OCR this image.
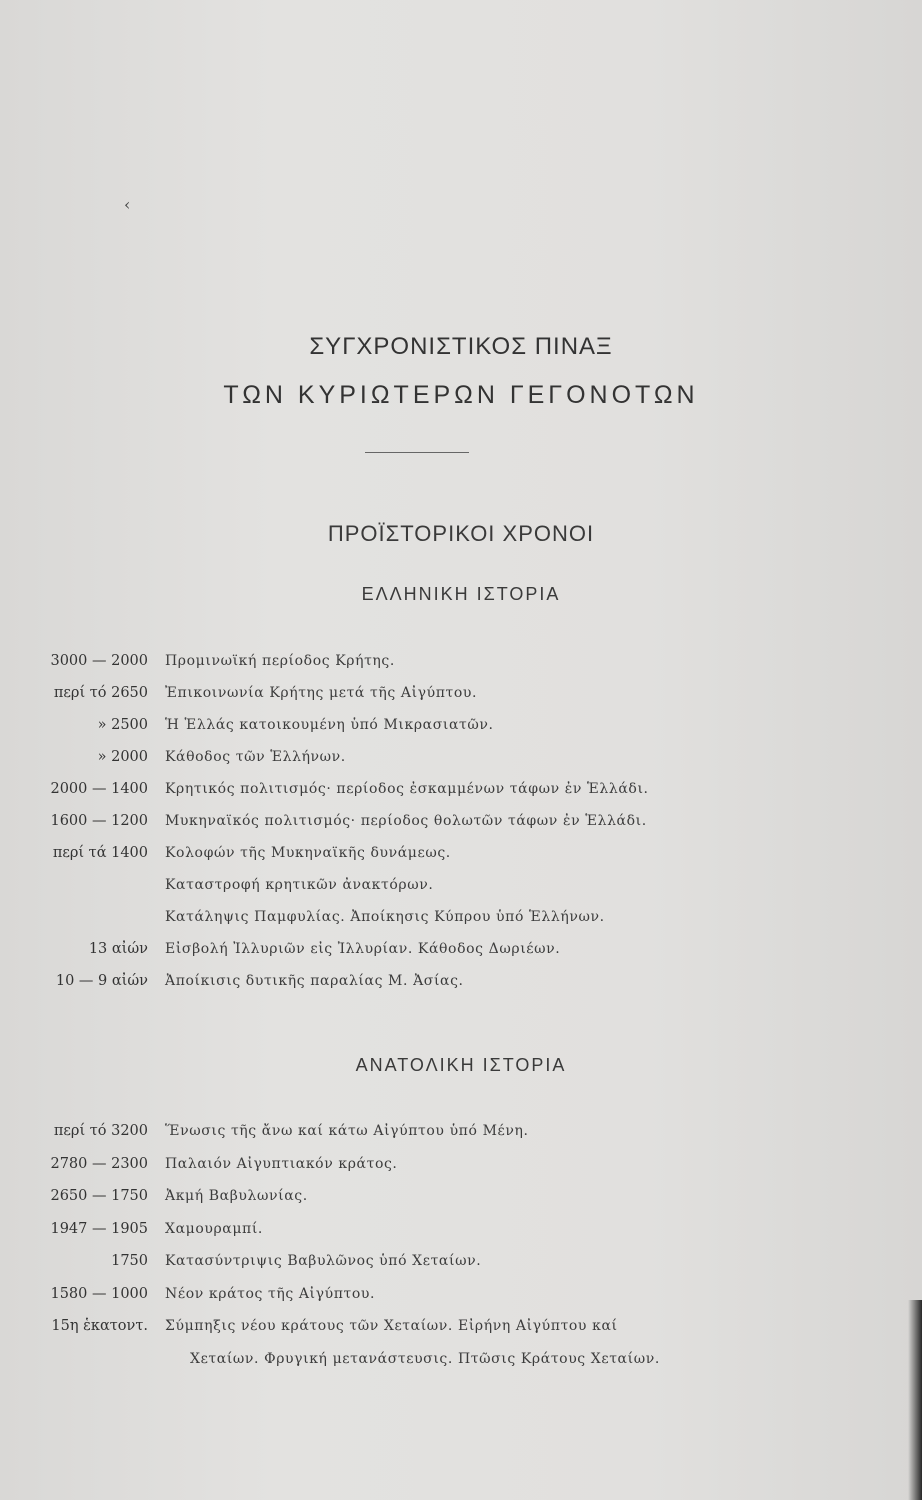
‹
ΣΥΓΧΡΟΝΙΣΤΙΚΟΣ ΠΙΝΑΞ
ΤΩΝ ΚΥΡΙΩΤΕΡΩΝ ΓΕΓΟΝΟΤΩΝ
ΠΡΟΪΣΤΟΡΙΚΟΙ ΧΡΟΝΟΙ
ΕΛΛΗΝΙΚΗ ΙΣΤΟΡΙΑ
3000 — 2000 Προμινωϊκή περίοδος Κρήτης.
περί τό 2650 Ἐπικοινωνία Κρήτης μετά τῆς Αἰγύπτου.
» 2500 Ἡ Ἑλλάς κατοικουμένη ὑπό Μικρασιατῶν.
» 2000 Κάθοδος τῶν Ἑλλήνων.
2000 — 1400 Κρητικός πολιτισμός· περίοδος ἐσκαμμένων τάφων ἐν Ἑλλάδι.
1600 — 1200 Μυκηναϊκός πολιτισμός· περίοδος θολωτῶν τάφων ἐν Ἑλλάδι.
περί τά 1400 Κολοφών τῆς Μυκηναϊκῆς δυνάμεως.
Καταστροφή κρητικῶν ἀνακτόρων.
Κατάληψις Παμφυλίας. Ἀποίκησις Κύπρου ὑπό Ἑλλήνων.
13 αἰών Εἰσβολή Ἰλλυριῶν εἰς Ἰλλυρίαν. Κάθοδος Δωριέων.
10 — 9 αἰών Ἀποίκισις δυτικῆς παραλίας Μ. Ἀσίας.
ΑΝΑΤΟΛΙΚΗ ΙΣΤΟΡΙΑ
περί τό 3200 Ἕνωσις τῆς ἄνω καί κάτω Αἰγύπτου ὑπό Μένη.
2780 — 2300 Παλαιόν Αἰγυπτιακόν κράτος.
2650 — 1750 Ἀκμή Βαβυλωνίας.
1947 — 1905 Χαμουραμπί.
1750 Κατασύντριψις Βαβυλῶνος ὑπό Χεταίων.
1580 — 1000 Νέον κράτος τῆς Αἰγύπτου.
15η ἑκατοντ. Σύμπηξις νέου κράτους τῶν Χεταίων. Εἰρήνη Αἰγύπτου καί
Χεταίων. Φρυγική μετανάστευσις. Πτῶσις Κράτους Χεταίων.
